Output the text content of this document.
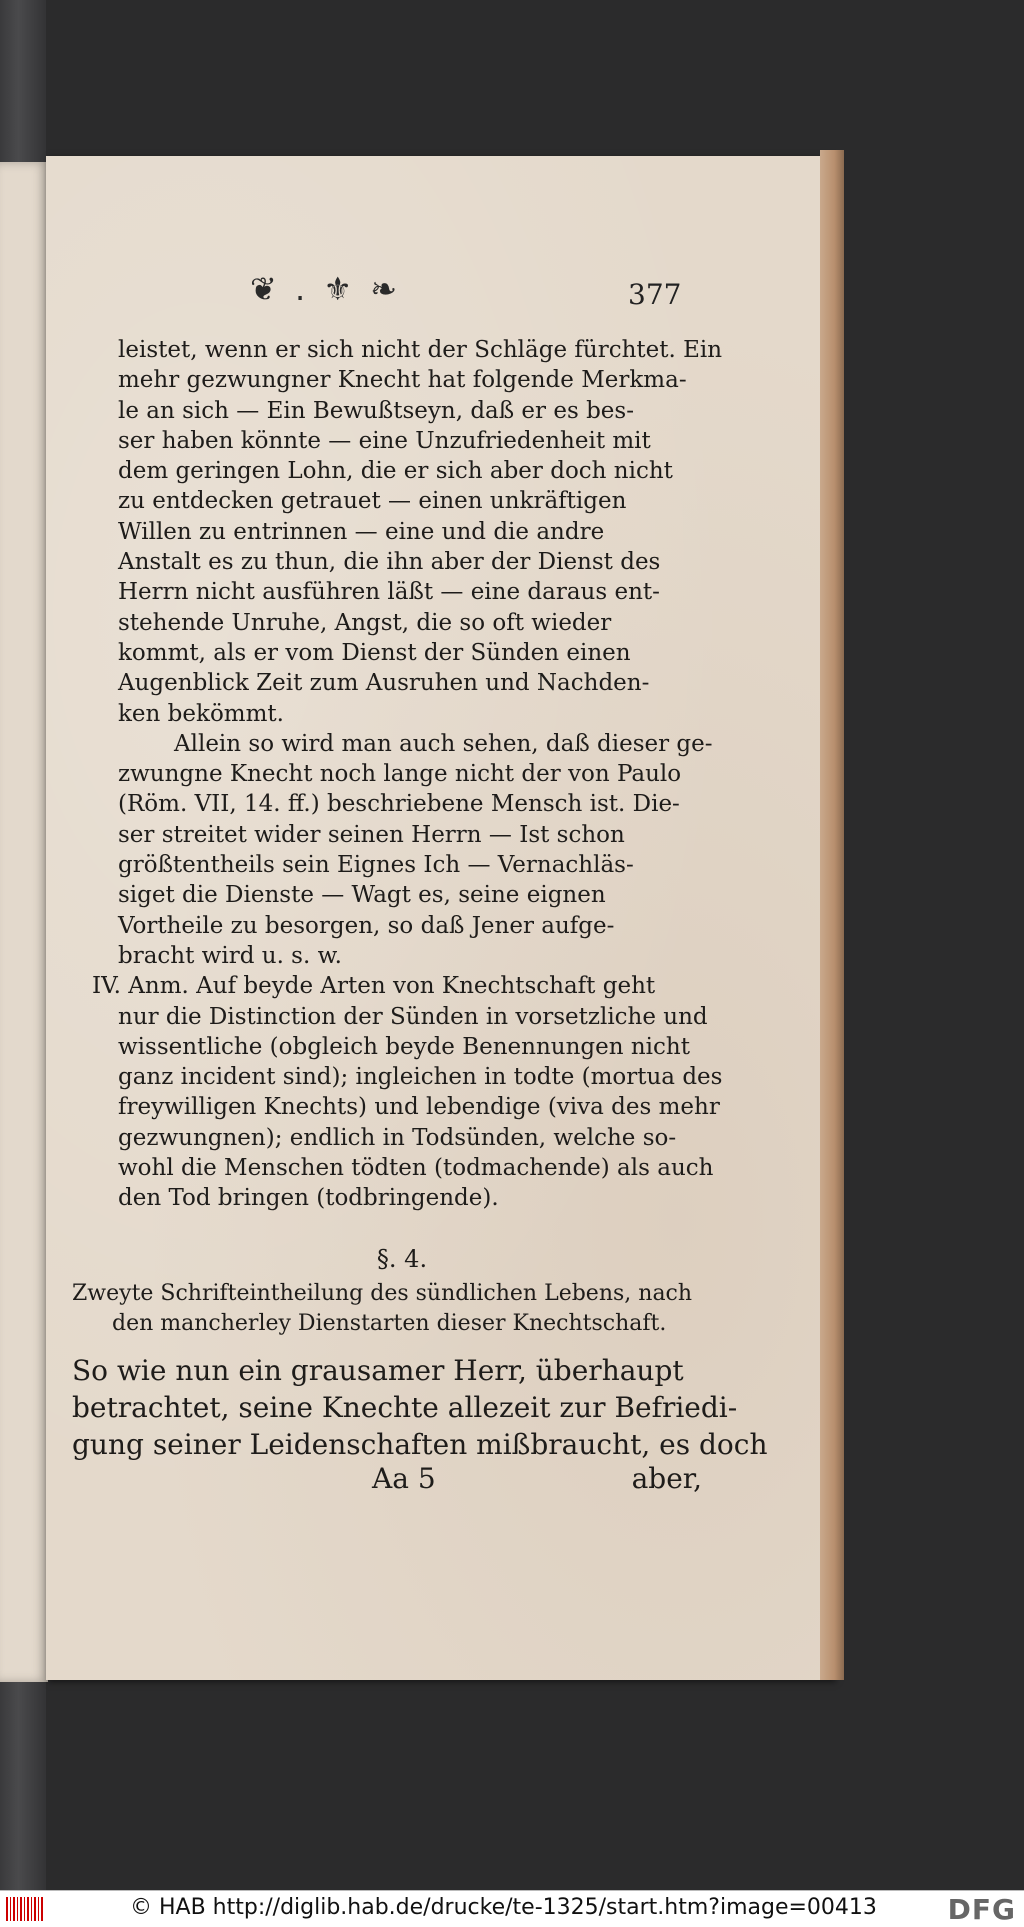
❦ . ⚜ ❧	377
leistet, wenn er sich nicht der Schläge fürchtet. Ein
mehr gezwungner Knecht hat folgende Merkma-
le an sich — Ein Bewußtseyn, daß er es bes-
ser haben könnte — eine Unzufriedenheit mit
dem geringen Lohn, die er sich aber doch nicht
zu entdecken getrauet — einen unkräftigen
Willen zu entrinnen — eine und die andre
Anstalt es zu thun, die ihn aber der Dienst des
Herrn nicht ausführen läßt — eine daraus ent-
stehende Unruhe, Angst, die so oft wieder
kommt, als er vom Dienst der Sünden einen
Augenblick Zeit zum Ausruhen und Nachden-
ken bekömmt.
Allein so wird man auch sehen, daß dieser ge-
zwungne Knecht noch lange nicht der von Paulo
(Röm. VII, 14. ff.) beschriebene Mensch ist. Die-
ser streitet wider seinen Herrn — Ist schon
größtentheils sein Eignes Ich — Vernachläs-
siget die Dienste — Wagt es, seine eignen
Vortheile zu besorgen, so daß Jener aufge-
bracht wird u. s. w.
IV. Anm. Auf beyde Arten von Knechtschaft geht
nur die Distinction der Sünden in vorsetzliche und
wissentliche (obgleich beyde Benennungen nicht
ganz incident sind); ingleichen in todte (mortua des
freywilligen Knechts) und lebendige (viva des mehr
gezwungnen); endlich in Todsünden, welche so-
wohl die Menschen tödten (todmachende) als auch
den Tod bringen (todbringende).
§. 4.
Zweyte Schrifteintheilung des sündlichen Lebens, nach
den mancherley Dienstarten dieser Knechtschaft.
So wie nun ein grausamer Herr, überhaupt
betrachtet, seine Knechte allezeit zur Befriedi-
gung seiner Leidenschaften mißbraucht, es doch
Aa 5	aber,
© HAB http://diglib.hab.de/drucke/te-1325/start.htm?image=00413	DFG
